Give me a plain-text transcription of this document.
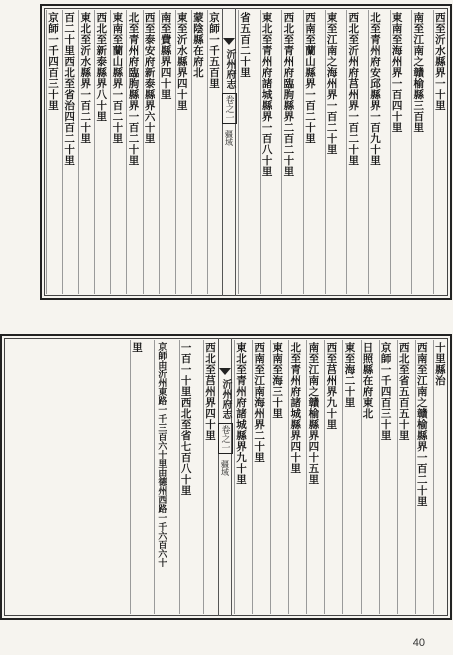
西至沂水縣界一十里
南至江南之贛榆縣三百里
東南至海州界一百四十里
北至青州府安邱縣界一百九十里
西北至沂州府莒州界一百二十里
東至江南之海州界一百二十里
西南至蘭山縣界一百二十里
西北至青州府臨朐縣界二百二十里
東北至青州府諸城縣界一百八十里
省五百二十里
沂州府志
卷之一
疆域
京師一千五百里
蒙陰縣在府北
東至沂水縣界四十里
南至費縣界四十里
西至泰安府新泰縣界六十里
北至青州府臨朐縣界一百二十里
東南至蘭山縣界一百二十里
西北至新泰縣界八十里
東北至沂水縣界一百二十里
百二十里西北至省治四百二十里
京師一千四百三十里
十里縣治
西南至江南之贛榆縣界一百二十里
西北至省五百五十里
京師一千四百三十里
日照縣在府東北
東至海二十里
西至莒州界九十里
南至江南之贛榆縣界四十五里
北至青州府諸城縣界四十里
東南至海三十里
西南至江南海州界二十里
東北至青州府諸城縣界九十里
沂州府志
卷之一
疆域
西北至莒州界四十里
一百一十里西北至省七百八十里
京師由沂州東路一千三百六十里由德州西路一千六百六十
里
40
